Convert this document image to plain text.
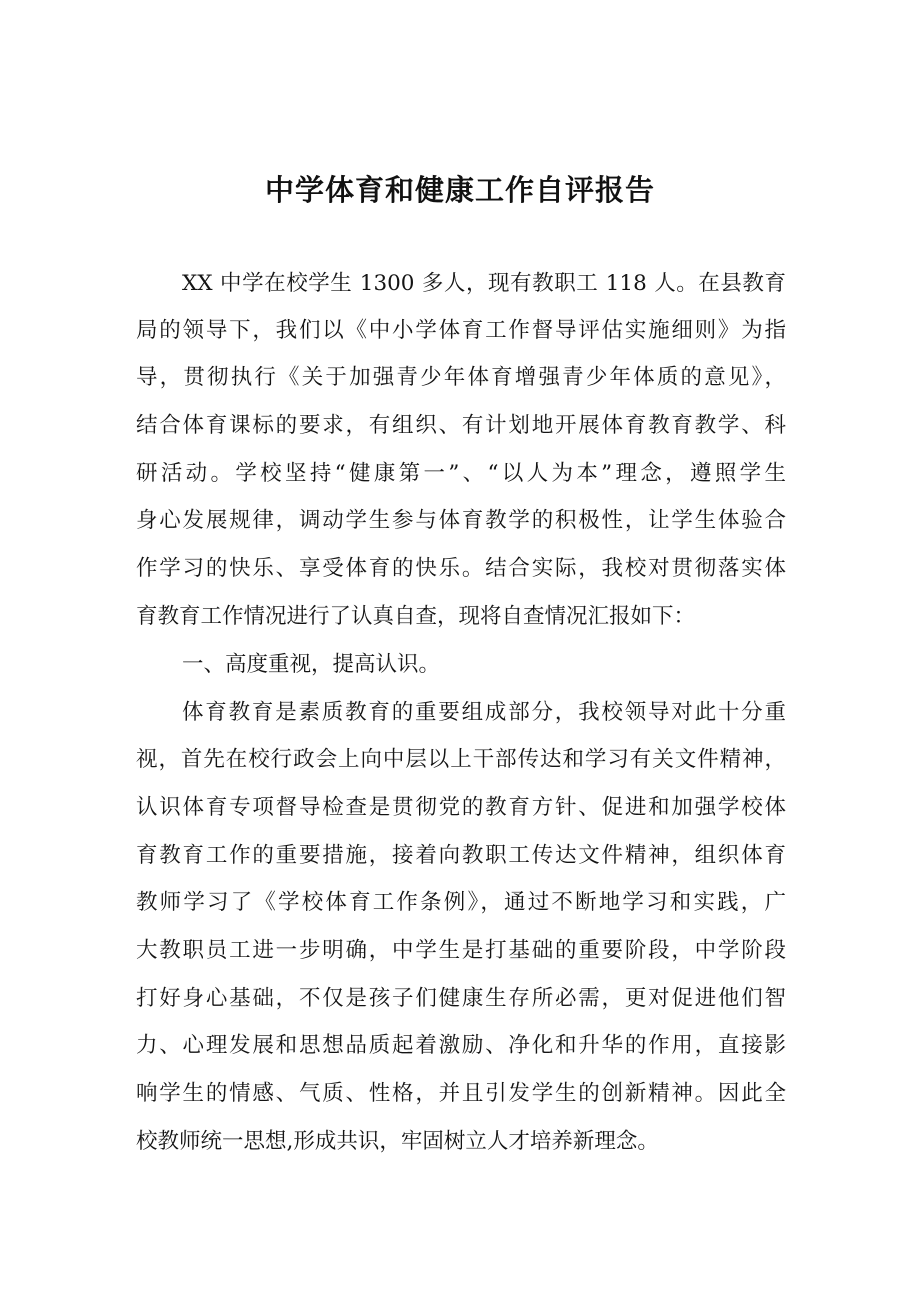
中学体育和健康工作自评报告

XX 中学在校学生 1300 多人，现有教职工 118 人。在县教育

局的领导下，我们以《中小学体育工作督导评估实施细则》为指

导，贯彻执行《关于加强青少年体育增强青少年体质的意见》，

结合体育课标的要求，有组织、有计划地开展体育教育教学、科

研活动。学校坚持“健康第一”、“以人为本”理念，遵照学生

身心发展规律，调动学生参与体育教学的积极性，让学生体验合

作学习的快乐、享受体育的快乐。结合实际，我校对贯彻落实体

育教育工作情况进行了认真自查，现将自查情况汇报如下：

一、高度重视，提高认识。

体育教育是素质教育的重要组成部分，我校领导对此十分重

视，首先在校行政会上向中层以上干部传达和学习有关文件精神，

认识体育专项督导检查是贯彻党的教育方针、促进和加强学校体

育教育工作的重要措施，接着向教职工传达文件精神，组织体育

教师学习了《学校体育工作条例》，通过不断地学习和实践，广

大教职员工进一步明确，中学生是打基础的重要阶段，中学阶段

打好身心基础，不仅是孩子们健康生存所必需，更对促进他们智

力、心理发展和思想品质起着激励、净化和升华的作用，直接影

响学生的情感、气质、性格，并且引发学生的创新精神。因此全

校教师统一思想,形成共识，牢固树立人才培养新理念。
